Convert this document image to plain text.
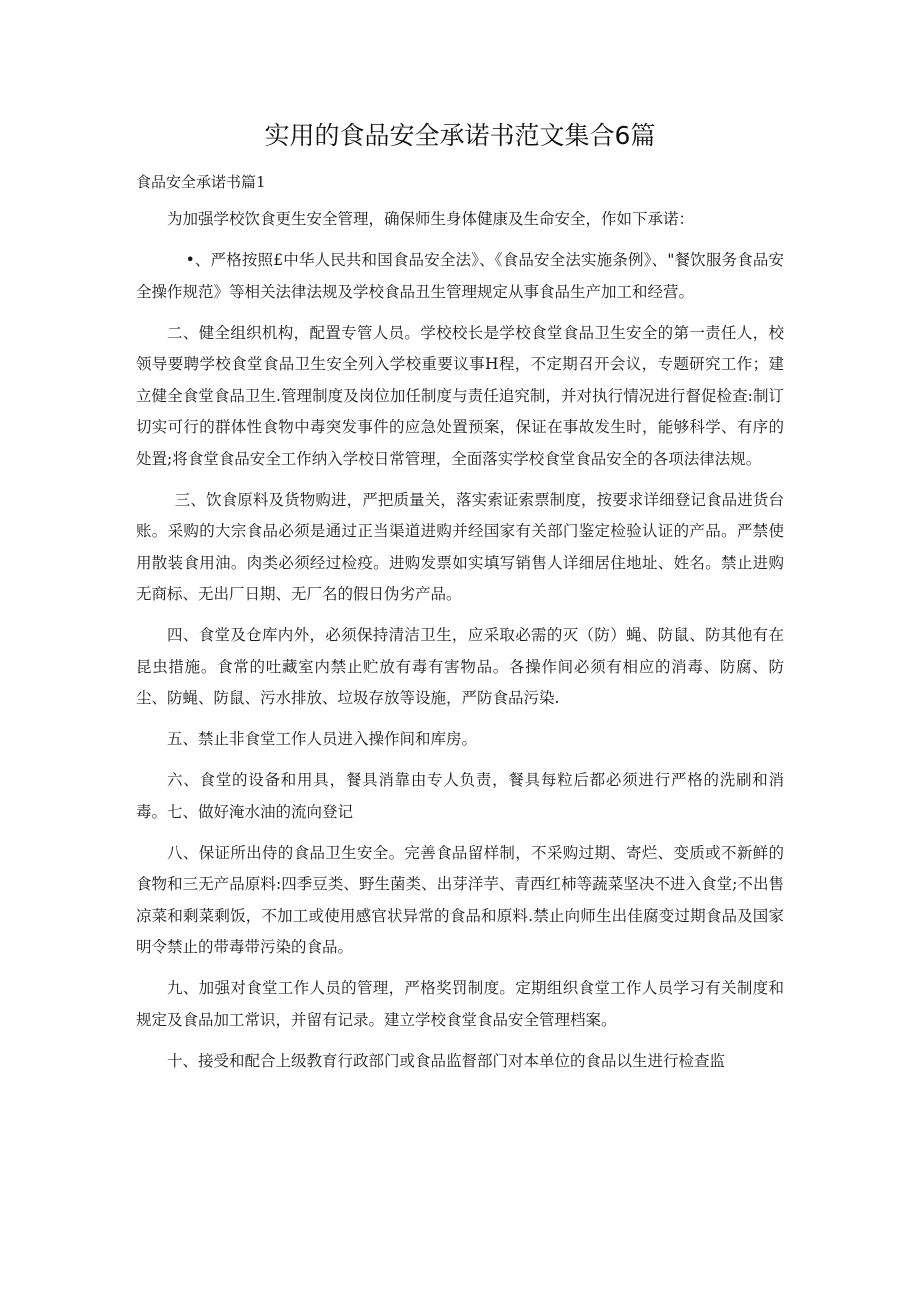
实用的食品安全承诺书范文集合6篇
食品安全承诺书篇1

为加强学校饮食更生安全管理，确保师生身体健康及生命安全，作如下承诺：

•、严格按照£中华人民共和国食品安全法》、《食品安全法实施条例》、"餐饮服务食品安全操作规范》等相关法律法规及学校食品丑生管理规定从事食品生产加工和经营。

二、健全组织机构，配置专管人员。学校校长是学校食堂食品卫生安全的第一责任人，校领导要聘学校食堂食品卫生安全列入学校重要议事H程，不定期召开会议，专题研究工作；建立健全食堂食品卫生.管理制度及岗位加任制度与责任追究制，并对执行情况进行督促检查:制订切实可行的群体性食物中毒突发事件的应急处置预案，保证在事故发生时，能够科学、有序的处置;将食堂食品安全工作纳入学校日常管理，全面落实学校食堂食品安全的各项法律法规。

三、饮食原料及货物购进，严把质量关，落实索证索票制度，按要求详细登记食品进货台账。采购的大宗食品必须是通过正当渠道进购并经国家有关部门鉴定检验认证的产品。严禁使用散装食用油。肉类必须经过检疫。进购发票如实填写销售人详细居住地址、姓名。禁止进购无商标、无出厂日期、无厂名的假日伪劣产品。

四、食堂及仓库内外，必须保持清洁卫生，应采取必需的灭（防）蝇、防鼠、防其他有在昆虫措施。食常的吐藏室内禁止贮放有毒有害物品。各操作间必须有相应的消毒、防腐、防尘、防蝇、防鼠、污水排放、垃圾存放等设施，严防食品污染.

五、禁止非食堂工作人员进入操作间和库房。

六、食堂的设备和用具，餐具消靠由专人负责，餐具每粒后都必须进行严格的洗刷和消毒。七、做好淹水油的流向登记

八、保证所出侍的食品卫生安全。完善食品留样制，不采购过期、寄烂、变质或不新鲜的食物和三无产品原料:四季豆类、野生菌类、出芽洋芋、青西红柿等蔬菜坚决不进入食堂;不出售凉菜和剩菜剩饭，不加工或使用感官状异常的食品和原料.禁止向师生出佳腐变过期食品及国家明令禁止的带毒带污染的食品。

九、加强对食堂工作人员的管理，严格奖罚制度。定期组织食堂工作人员学习有关制度和规定及食品加工常识，并留有记录。建立学校食堂食品安全管理档案。

十、接受和配合上级教育行政部门或食品监督部门对本单位的食品以生进行检查监
